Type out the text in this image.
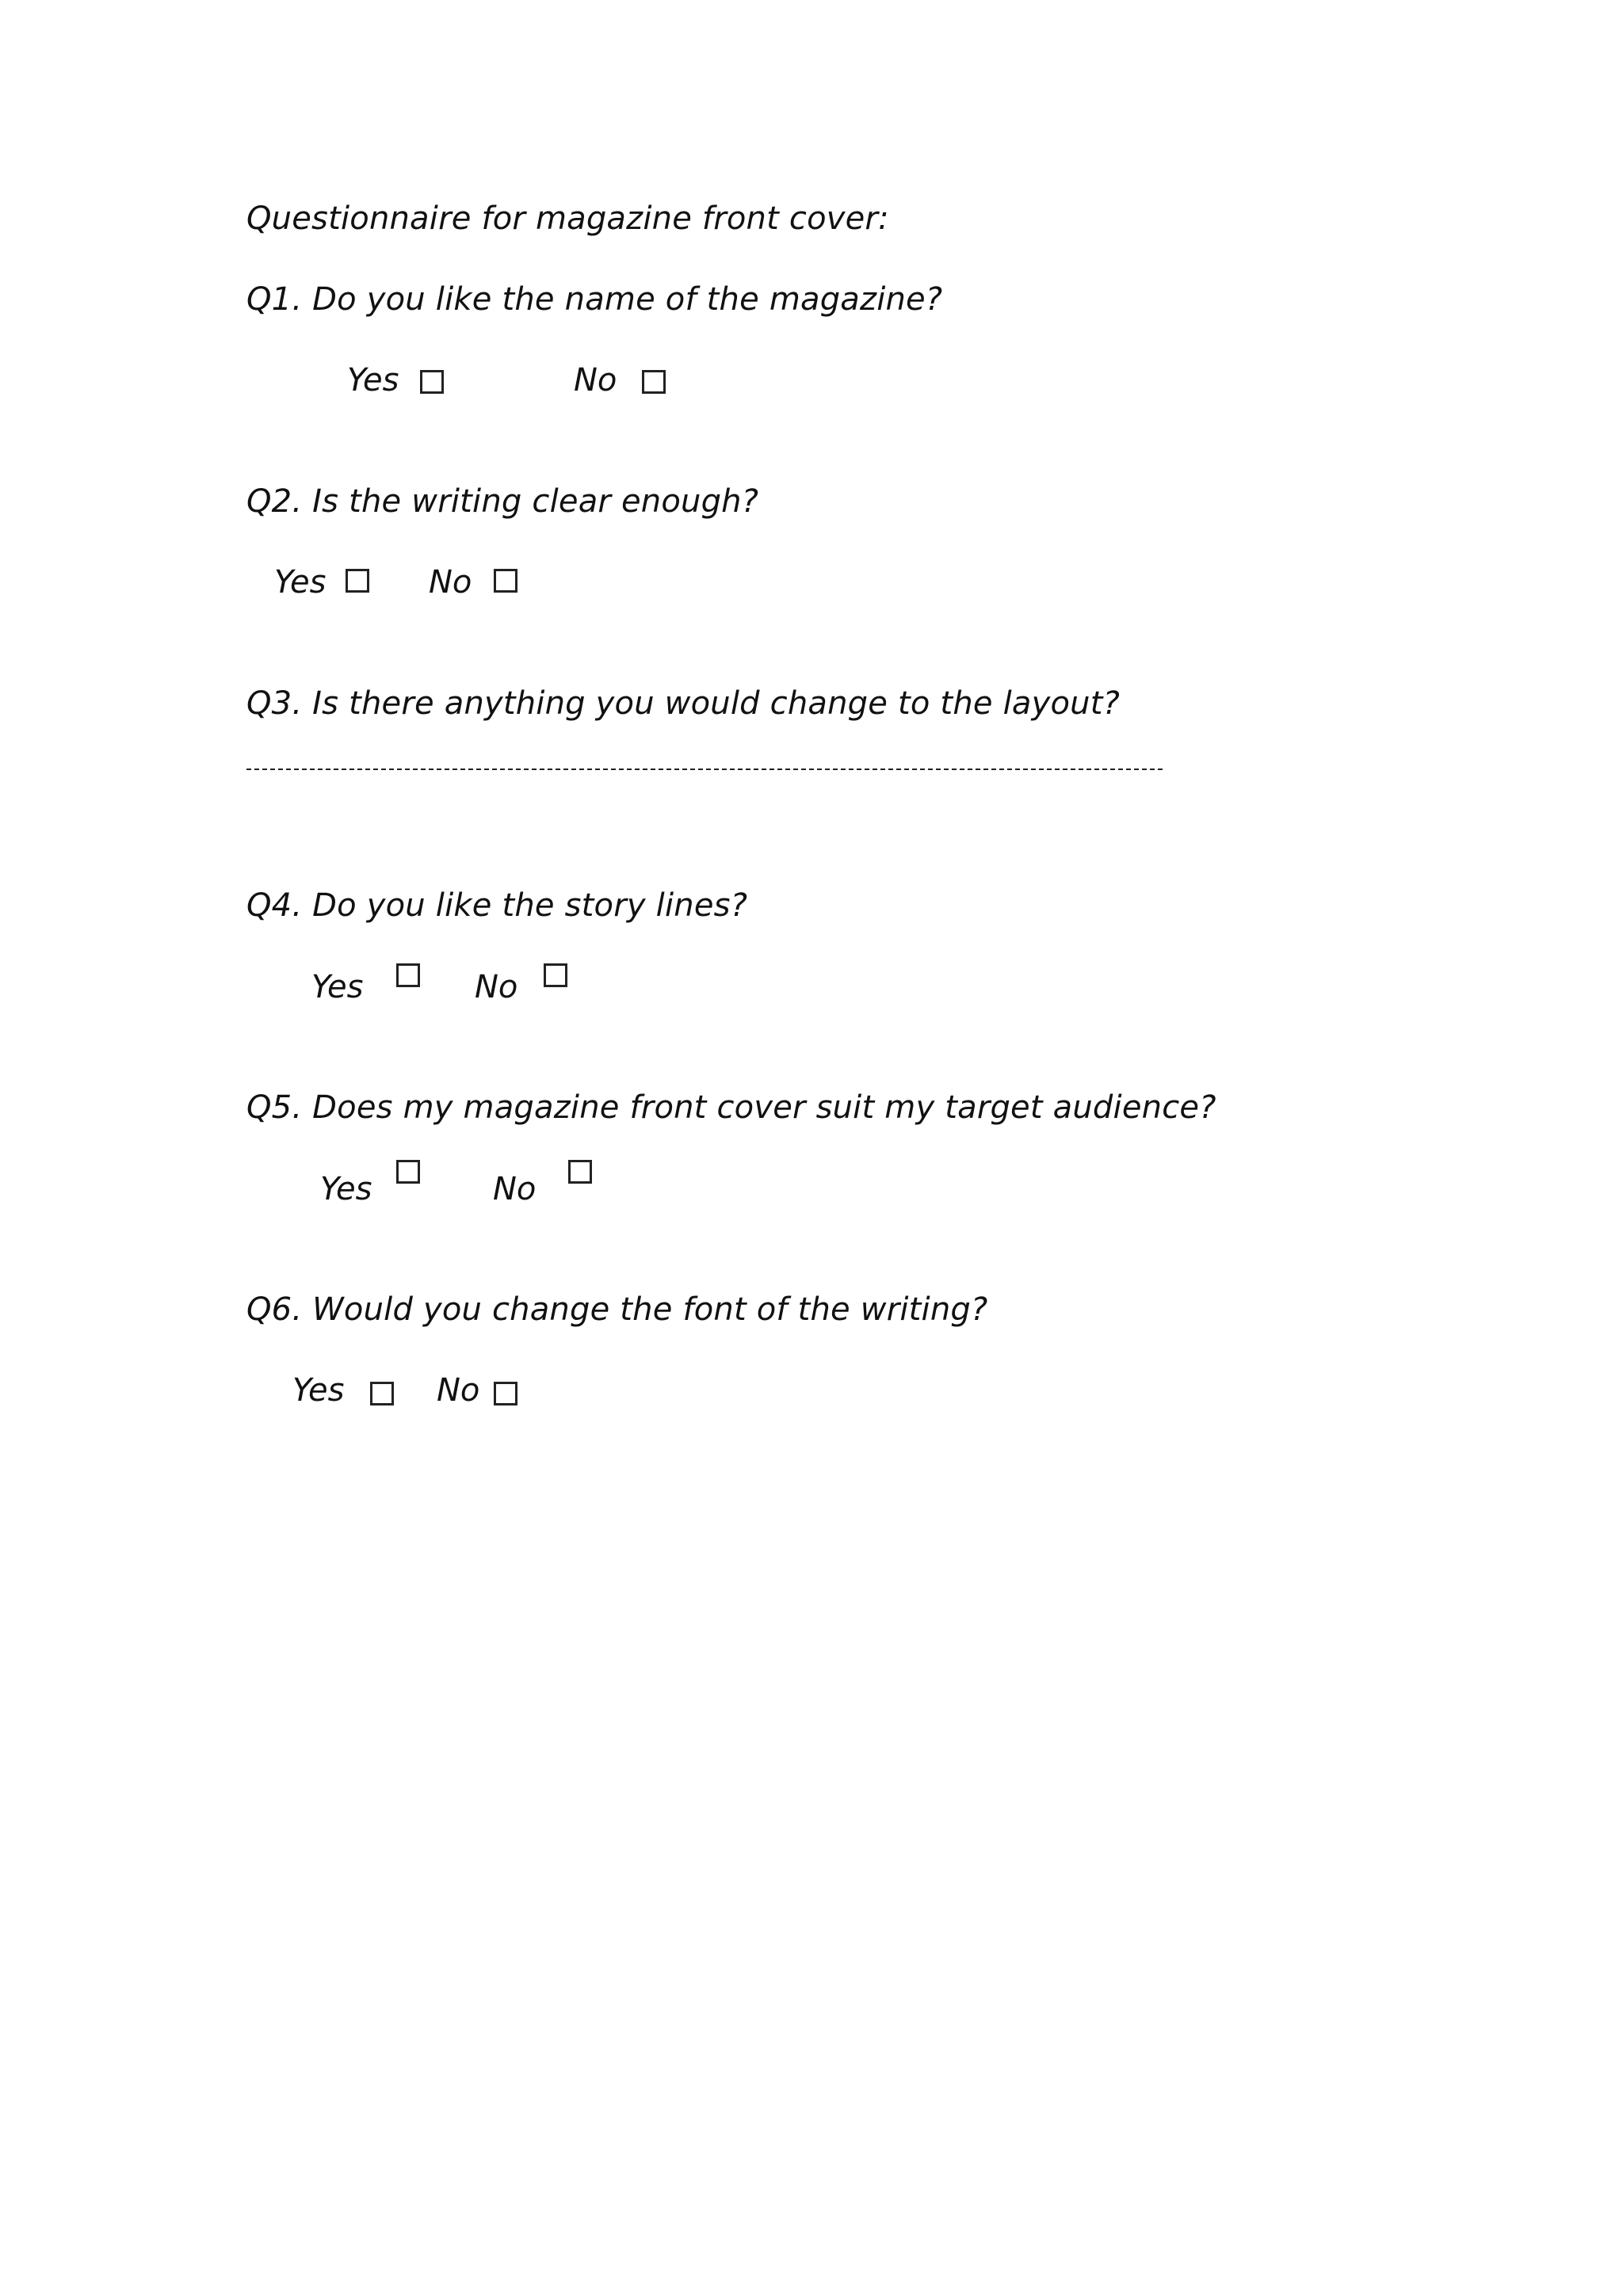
Questionnaire for magazine front cover:
Q1. Do you like the name of the magazine?
Yes	No
Q2. Is the writing clear enough?
Yes	No
Q3. Is there anything you would change to the layout?
Q4. Do you like the story lines?
Yes	No
Q5. Does my magazine front cover suit my target audience?
Yes	No
Q6. Would you change the font of the writing?
Yes	No
